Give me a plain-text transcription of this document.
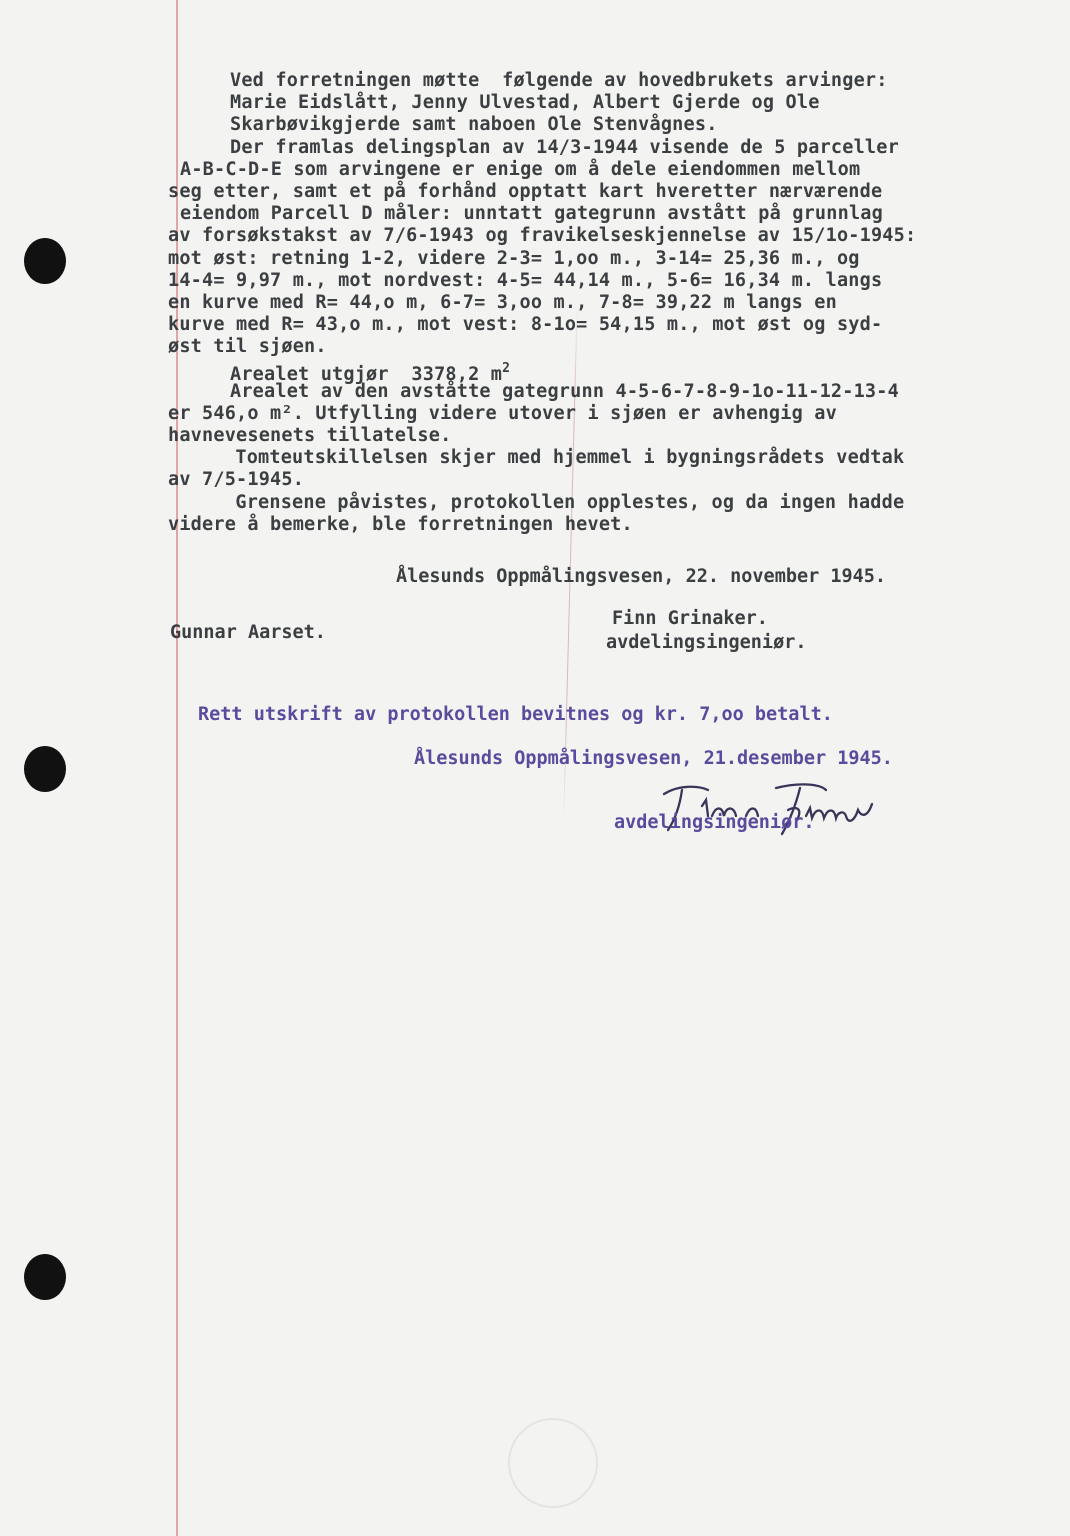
Ved forretningen møtte  følgende av hovedbrukets arvinger:
Marie Eidslått, Jenny Ulvestad, Albert Gjerde og Ole
Skarbøvikgjerde samt naboen Ole Stenvågnes.
Der framlas delingsplan av 14/3-1944 visende de 5 parceller
A-B-C-D-E som arvingene er enige om å dele eiendommen mellom
seg etter, samt et på forhånd opptatt kart hveretter nærværende
eiendom Parcell D måler: unntatt gategrunn avstått på grunnlag
av forsøkstakst av 7/6-1943 og fravikelseskjennelse av 15/1o-1945:
mot øst: retning 1-2, videre 2-3= 1,oo m., 3-14= 25,36 m., og
14-4= 9,97 m., mot nordvest: 4-5= 44,14 m., 5-6= 16,34 m. langs
en kurve med R= 44,o m, 6-7= 3,oo m., 7-8= 39,22 m langs en
kurve med R= 43,o m., mot vest: 8-1o= 54,15 m., mot øst og syd-
øst til sjøen.
Arealet utgjør  3378,2 $m^2$
Arealet av den avståtte gategrunn 4-5-6-7-8-9-1o-11-12-13-4
er 546,o m². Utfylling videre utover i sjøen er avhengig av
havnevesenets tillatelse.
Tomteutskillelsen skjer med hjemmel i bygningsrådets vedtak
av 7/5-1945.
Grensene påvistes, protokollen opplestes, og da ingen hadde
videre å bemerke, ble forretningen hevet.
Ålesunds Oppmålingsvesen, 22. november 1945.
Finn Grinaker.
Gunnar Aarset.	avdelingsingeniør.
Rett utskrift av protokollen bevitnes og kr. 7,oo betalt.
Ålesunds Oppmålingsvesen, 21.desember 1945.
avdelingsingeniør.
